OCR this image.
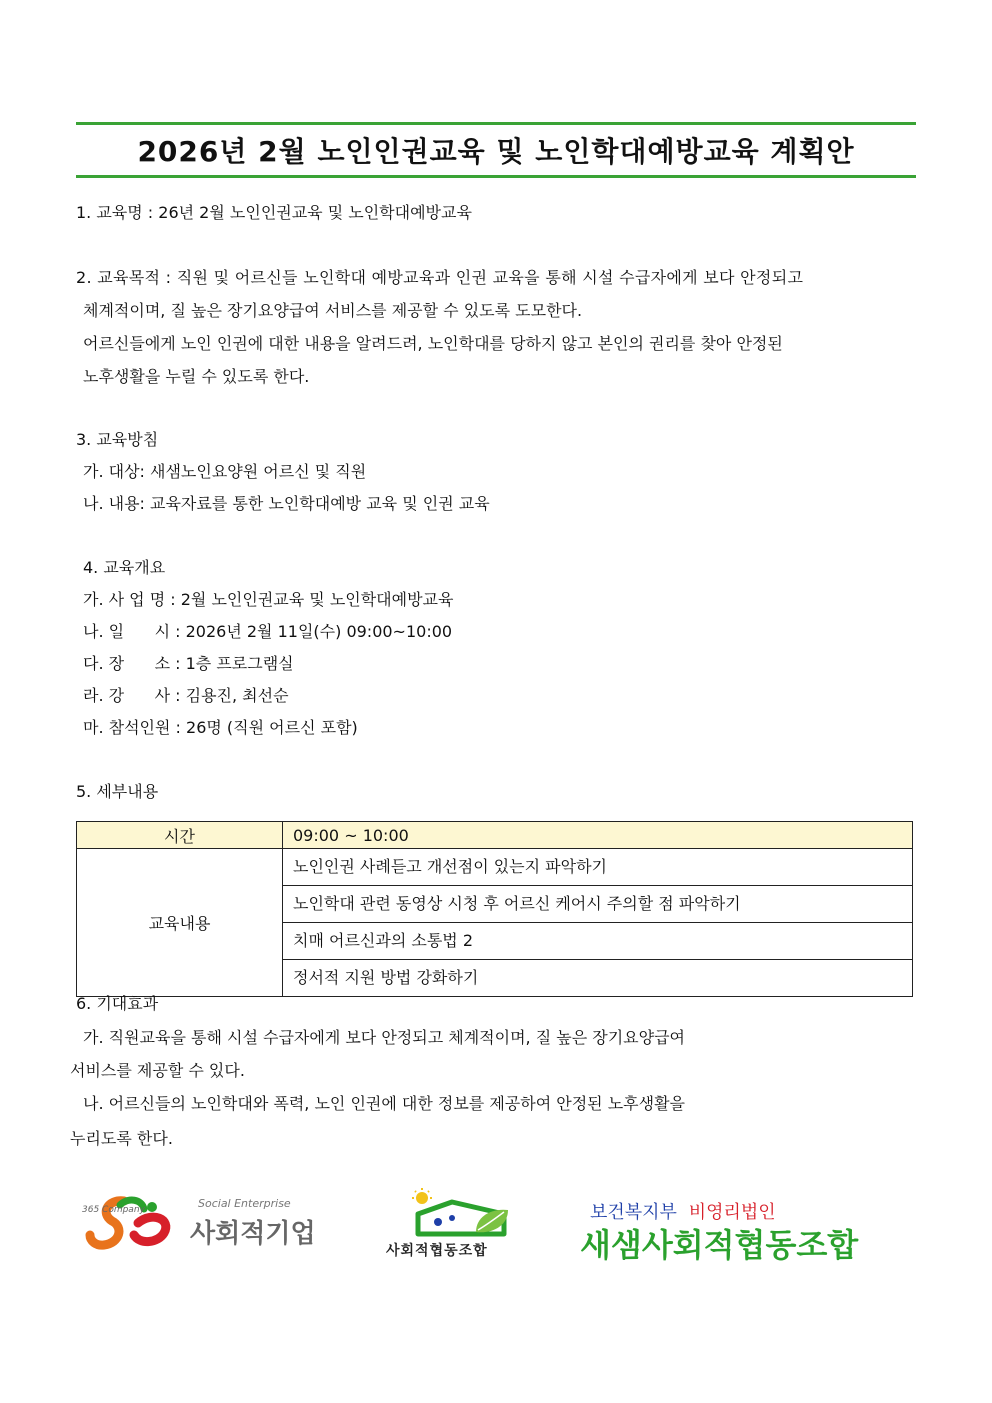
2026년 2월 노인인권교육 및 노인학대예방교육 계획안
1. 교육명 : 26년 2월 노인인권교육 및 노인학대예방교육
2. 교육목적 : 직원 및 어르신들 노인학대 예방교육과 인권 교육을 통해 시설 수급자에게 보다 안정되고
체계적이며, 질 높은 장기요양급여 서비스를 제공할 수 있도록 도모한다.
어르신들에게 노인 인권에 대한 내용을 알려드려, 노인학대를 당하지 않고 본인의 권리를 찾아 안정된
노후생활을 누릴 수 있도록 한다.
3. 교육방침
가. 대상: 새샘노인요양원 어르신 및 직원
나. 내용: 교육자료를 통한 노인학대예방 교육 및 인권 교육
4. 교육개요
가. 사 업 명 : 2월 노인인권교육 및 노인학대예방교육
나. 일      시 : 2026년 2월 11일(수) 09:00~10:00
다. 장      소 : 1층 프로그램실
라. 강      사 : 김용진, 최선순
마. 참석인원 : 26명 (직원 어르신 포함)
5. 세부내용
시간	09:00 ~ 10:00
교육내용	노인인권 사례듣고 개선점이 있는지 파악하기
	노인학대 관련 동영상 시청 후 어르신 케어시 주의할 점 파악하기
	치매 어르신과의 소통법 2
	정서적 지원 방법 강화하기
6. 기대효과
가. 직원교육을 통해 시설 수급자에게 보다 안정되고 체계적이며, 질 높은 장기요양급여
서비스를 제공할 수 있다.
나. 어르신들의 노인학대와 폭력, 노인 인권에 대한 정보를 제공하여 안정된 노후생활을
누리도록 한다.
365 Company	Social Enterprise
사회적기업
사회적협동조합
보건복지부 비영리법인
새샘사회적협동조합
